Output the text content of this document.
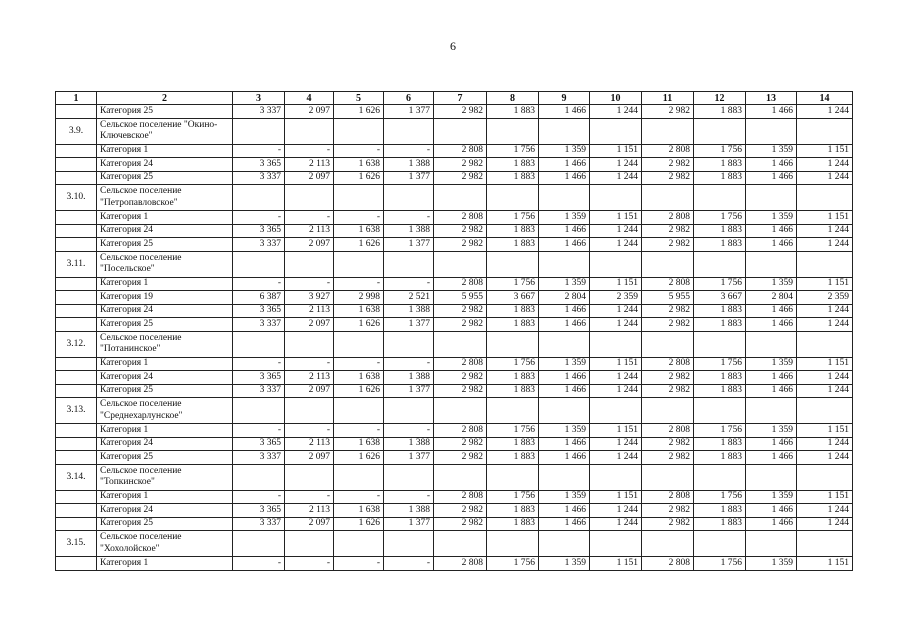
6
1	2	3	4	5	6	7	8	9	10	11	12	13	14
	Категория 25	3 337	2 097	1 626	1 377	2 982	1 883	1 466	1 244	2 982	1 883	1 466	1 244
3.9.	Сельское поселение "Окино-Ключевское"												
	Категория 1	-	-	-	-	2 808	1 756	1 359	1 151	2 808	1 756	1 359	1 151
	Категория 24	3 365	2 113	1 638	1 388	2 982	1 883	1 466	1 244	2 982	1 883	1 466	1 244
	Категория 25	3 337	2 097	1 626	1 377	2 982	1 883	1 466	1 244	2 982	1 883	1 466	1 244
3.10.	Сельское поселение "Петропавловское"												
	Категория 1	-	-	-	-	2 808	1 756	1 359	1 151	2 808	1 756	1 359	1 151
	Категория 24	3 365	2 113	1 638	1 388	2 982	1 883	1 466	1 244	2 982	1 883	1 466	1 244
	Категория 25	3 337	2 097	1 626	1 377	2 982	1 883	1 466	1 244	2 982	1 883	1 466	1 244
3.11.	Сельское поселение "Посельское"												
	Категория 1	-	-	-	-	2 808	1 756	1 359	1 151	2 808	1 756	1 359	1 151
	Категория 19	6 387	3 927	2 998	2 521	5 955	3 667	2 804	2 359	5 955	3 667	2 804	2 359
	Категория 24	3 365	2 113	1 638	1 388	2 982	1 883	1 466	1 244	2 982	1 883	1 466	1 244
	Категория 25	3 337	2 097	1 626	1 377	2 982	1 883	1 466	1 244	2 982	1 883	1 466	1 244
3.12.	Сельское поселение "Потанинское"												
	Категория 1	-	-	-	-	2 808	1 756	1 359	1 151	2 808	1 756	1 359	1 151
	Категория 24	3 365	2 113	1 638	1 388	2 982	1 883	1 466	1 244	2 982	1 883	1 466	1 244
	Категория 25	3 337	2 097	1 626	1 377	2 982	1 883	1 466	1 244	2 982	1 883	1 466	1 244
3.13.	Сельское поселение "Среднехарлунское"												
	Категория 1	-	-	-	-	2 808	1 756	1 359	1 151	2 808	1 756	1 359	1 151
	Категория 24	3 365	2 113	1 638	1 388	2 982	1 883	1 466	1 244	2 982	1 883	1 466	1 244
	Категория 25	3 337	2 097	1 626	1 377	2 982	1 883	1 466	1 244	2 982	1 883	1 466	1 244
3.14.	Сельское поселение "Топкинское"												
	Категория 1	-	-	-	-	2 808	1 756	1 359	1 151	2 808	1 756	1 359	1 151
	Категория 24	3 365	2 113	1 638	1 388	2 982	1 883	1 466	1 244	2 982	1 883	1 466	1 244
	Категория 25	3 337	2 097	1 626	1 377	2 982	1 883	1 466	1 244	2 982	1 883	1 466	1 244
3.15.	Сельское поселение "Хохолойское"												
	Категория 1	-	-	-	-	2 808	1 756	1 359	1 151	2 808	1 756	1 359	1 151
